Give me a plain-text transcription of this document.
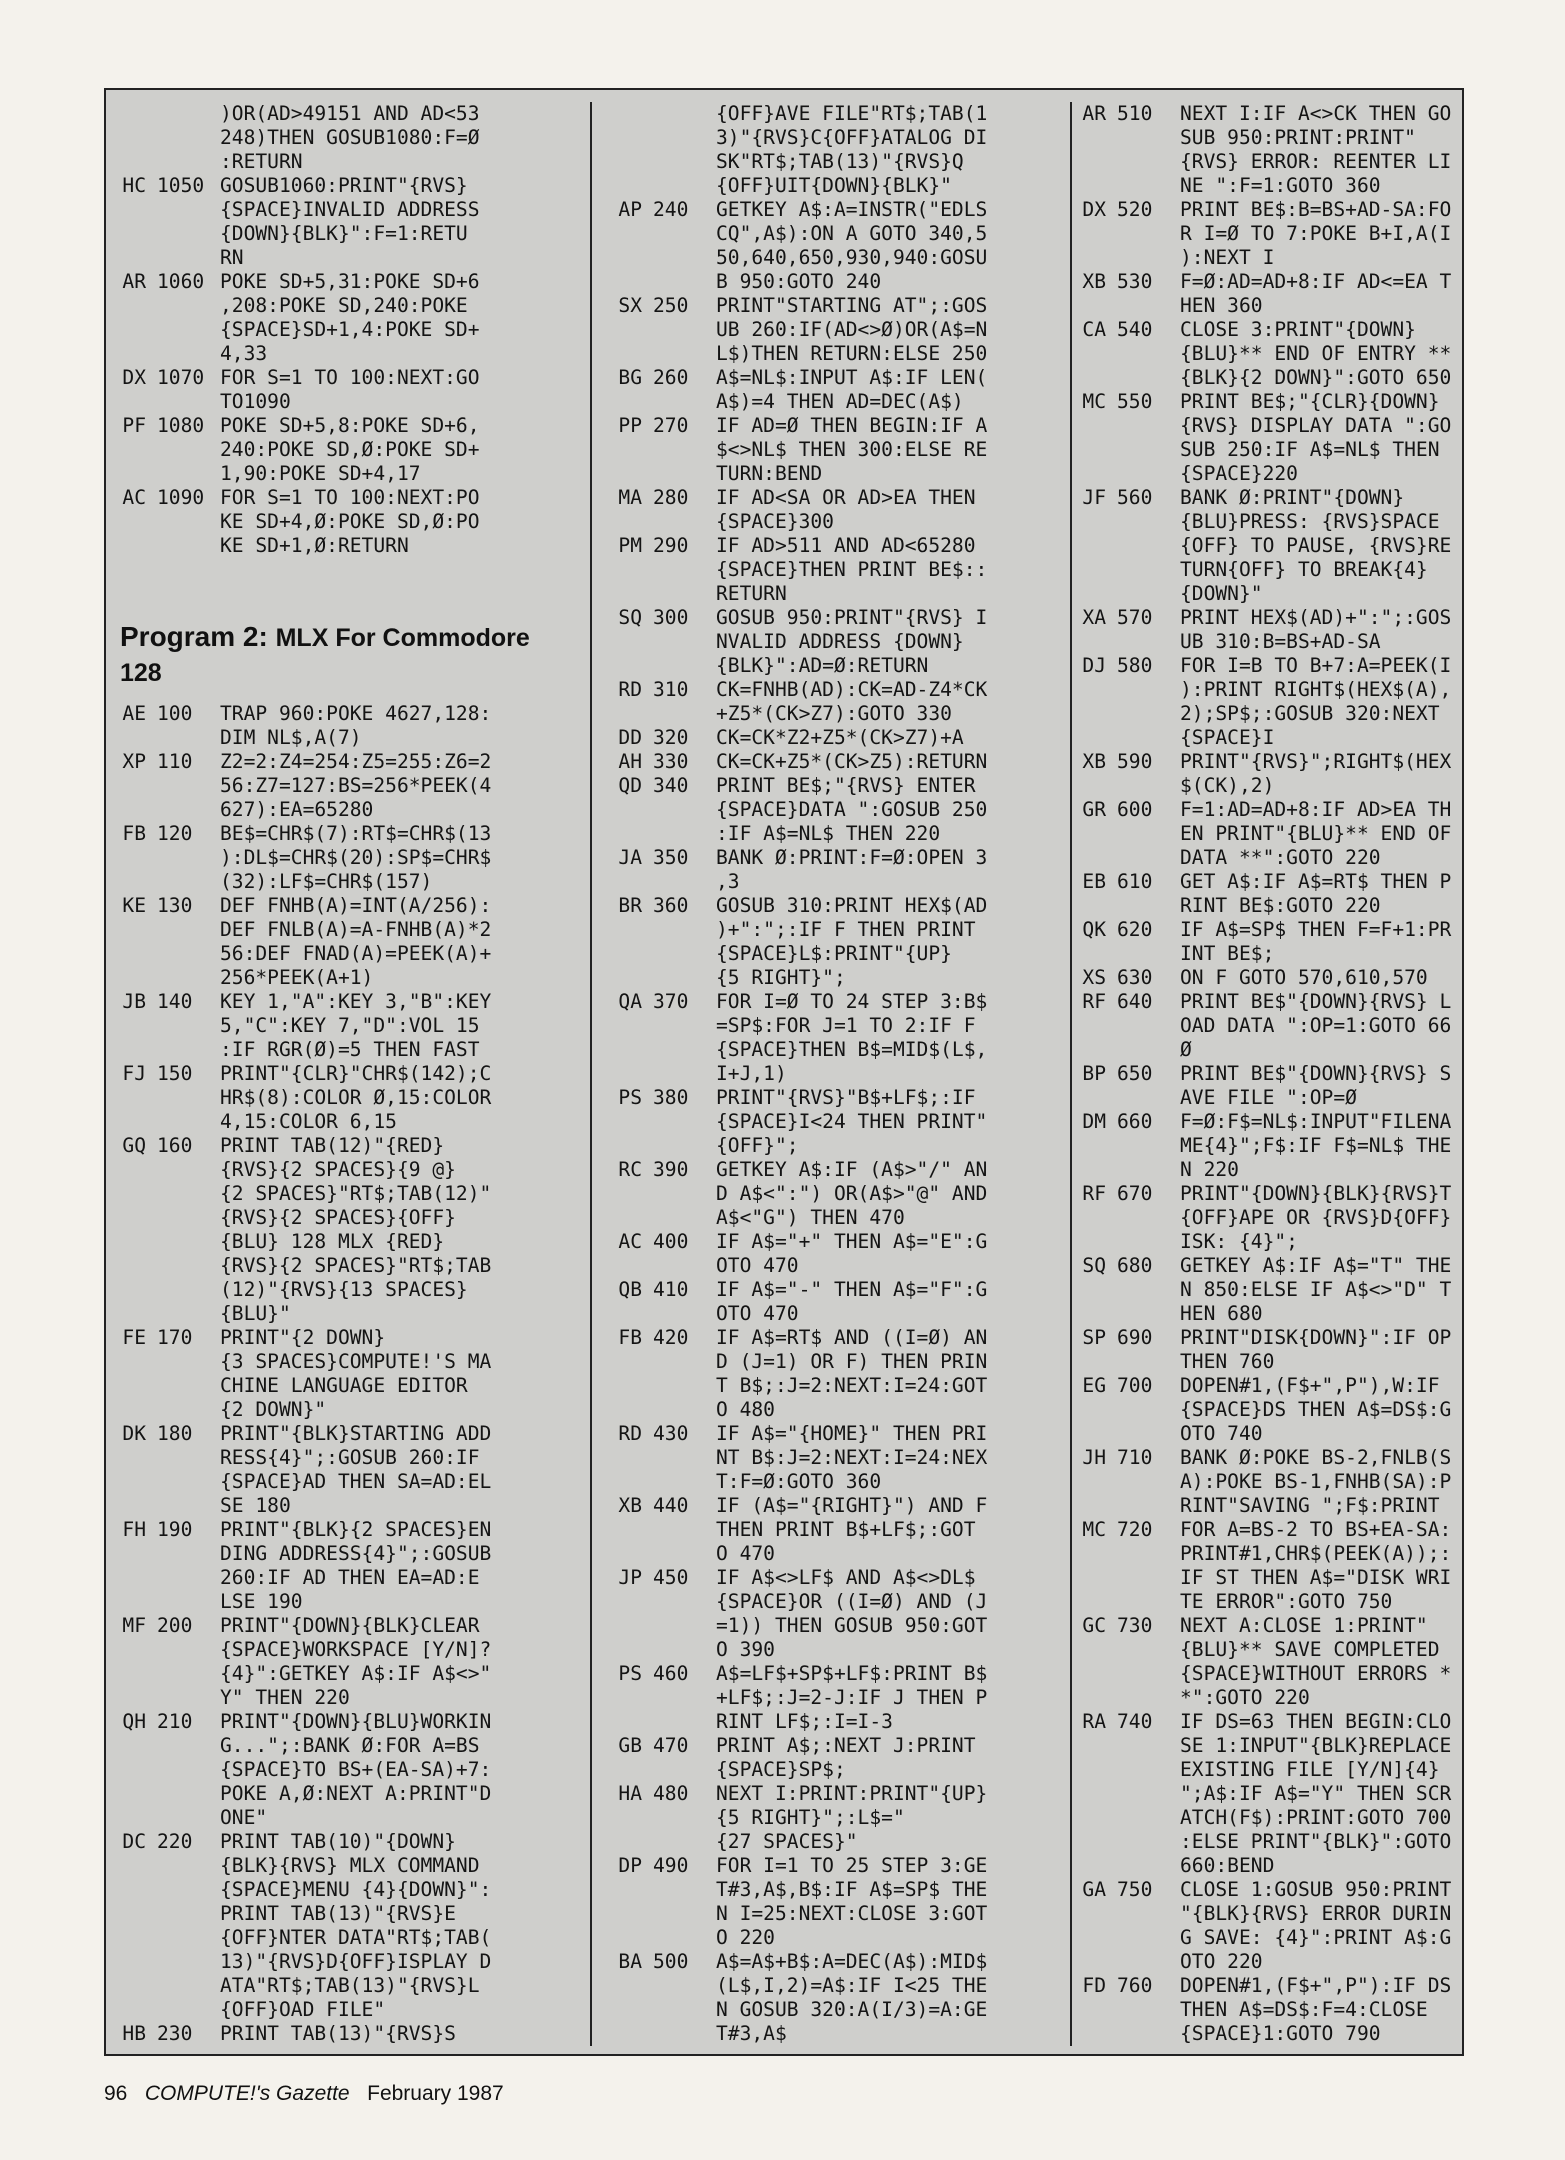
)OR(AD>49151 AND AD<53
248)THEN GOSUB1080:F=Ø
:RETURN
HC 1050 GOSUB1060:PRINT"{RVS}
{SPACE}INVALID ADDRESS
{DOWN}{BLK}":F=1:RETU
RN
AR 1060 POKE SD+5,31:POKE SD+6
,208:POKE SD,240:POKE
{SPACE}SD+1,4:POKE SD+
4,33
DX 1070 FOR S=1 TO 100:NEXT:GO
TO1090
PF 1080 POKE SD+5,8:POKE SD+6,
240:POKE SD,Ø:POKE SD+
1,90:POKE SD+4,17
AC 1090 FOR S=1 TO 100:NEXT:PO
KE SD+4,Ø:POKE SD,Ø:PO
KE SD+1,Ø:RETURN
Program 2: MLX For Commodore 128
AE 100	TRAP 960:POKE 4627,128:
DIM NL$,A(7)
XP 110	Z2=2:Z4=254:Z5=255:Z6=2
56:Z7=127:BS=256*PEEK(4
627):EA=65280
FB 120	BE$=CHR$(7):RT$=CHR$(13
):DL$=CHR$(20):SP$=CHR$
(32):LF$=CHR$(157)
KE 130	DEF FNHB(A)=INT(A/256):
DEF FNLB(A)=A-FNHB(A)*2
56:DEF FNAD(A)=PEEK(A)+
256*PEEK(A+1)
JB 140	KEY 1,"A":KEY 3,"B":KEY
5,"C":KEY 7,"D":VOL 15
:IF RGR(Ø)=5 THEN FAST
FJ 150	PRINT"{CLR}"CHR$(142);C
HR$(8):COLOR Ø,15:COLOR
4,15:COLOR 6,15
GQ 160	PRINT TAB(12)"{RED}
{RVS}{2 SPACES}{9 @}
{2 SPACES}"RT$;TAB(12)"
{RVS}{2 SPACES}{OFF}
{BLU} 128 MLX {RED}
{RVS}{2 SPACES}"RT$;TAB
(12)"{RVS}{13 SPACES}
{BLU}"
FE 170	PRINT"{2 DOWN}
{3 SPACES}COMPUTE!'S MA
CHINE LANGUAGE EDITOR
{2 DOWN}"
DK 180	PRINT"{BLK}STARTING ADD
RESS{4}";:GOSUB 260:IF
{SPACE}AD THEN SA=AD:EL
SE 180
FH 190	PRINT"{BLK}{2 SPACES}EN
DING ADDRESS{4}";:GOSUB
260:IF AD THEN EA=AD:E
LSE 190
MF 200	PRINT"{DOWN}{BLK}CLEAR
{SPACE}WORKSPACE [Y/N]?
{4}":GETKEY A$:IF A$<>"
Y" THEN 220
QH 210	PRINT"{DOWN}{BLU}WORKIN
G...";:BANK Ø:FOR A=BS
{SPACE}TO BS+(EA-SA)+7:
POKE A,Ø:NEXT A:PRINT"D
ONE"
DC 220	PRINT TAB(10)"{DOWN}
{BLK}{RVS} MLX COMMAND
{SPACE}MENU {4}{DOWN}":
PRINT TAB(13)"{RVS}E
{OFF}NTER DATA"RT$;TAB(
13)"{RVS}D{OFF}ISPLAY D
ATA"RT$;TAB(13)"{RVS}L
{OFF}OAD FILE"
HB 230	PRINT TAB(13)"{RVS}S
{OFF}AVE FILE"RT$;TAB(1
3)"{RVS}C{OFF}ATALOG DI
SK"RT$;TAB(13)"{RVS}Q
{OFF}UIT{DOWN}{BLK}"
AP 240	GETKEY A$:A=INSTR("EDLS
CQ",A$):ON A GOTO 340,5
50,640,650,930,940:GOSU
B 950:GOTO 240
SX 250	PRINT"STARTING AT";:GOS
UB 260:IF(AD<>Ø)OR(A$=N
L$)THEN RETURN:ELSE 250
BG 260	A$=NL$:INPUT A$:IF LEN(
A$)=4 THEN AD=DEC(A$)
PP 270	IF AD=Ø THEN BEGIN:IF A
$<>NL$ THEN 300:ELSE RE
TURN:BEND
MA 280	IF AD<SA OR AD>EA THEN
{SPACE}300
PM 290	IF AD>511 AND AD<65280
{SPACE}THEN PRINT BE$::
RETURN
SQ 300	GOSUB 950:PRINT"{RVS} I
NVALID ADDRESS {DOWN}
{BLK}":AD=Ø:RETURN
RD 310	CK=FNHB(AD):CK=AD-Z4*CK
+Z5*(CK>Z7):GOTO 330
DD 320	CK=CK*Z2+Z5*(CK>Z7)+A
AH 330	CK=CK+Z5*(CK>Z5):RETURN
QD 340	PRINT BE$;"{RVS} ENTER
{SPACE}DATA ":GOSUB 250
:IF A$=NL$ THEN 220
JA 350	BANK Ø:PRINT:F=Ø:OPEN 3
,3
BR 360	GOSUB 310:PRINT HEX$(AD
)+":";:IF F THEN PRINT
{SPACE}L$:PRINT"{UP}
{5 RIGHT}";
QA 370	FOR I=Ø TO 24 STEP 3:B$
=SP$:FOR J=1 TO 2:IF F
{SPACE}THEN B$=MID$(L$,
I+J,1)
PS 380	PRINT"{RVS}"B$+LF$;:IF
{SPACE}I<24 THEN PRINT"
{OFF}";
RC 390	GETKEY A$:IF (A$>"/" AN
D A$<":") OR(A$>"@" AND
A$<"G") THEN 470
AC 400	IF A$="+" THEN A$="E":G
OTO 470
QB 410	IF A$="-" THEN A$="F":G
OTO 470
FB 420	IF A$=RT$ AND ((I=Ø) AN
D (J=1) OR F) THEN PRIN
T B$;:J=2:NEXT:I=24:GOT
O 480
RD 430	IF A$="{HOME}" THEN PRI
NT B$:J=2:NEXT:I=24:NEX
T:F=Ø:GOTO 360
XB 440	IF (A$="{RIGHT}") AND F
THEN PRINT B$+LF$;:GOT
O 470
JP 450	IF A$<>LF$ AND A$<>DL$
{SPACE}OR ((I=Ø) AND (J
=1)) THEN GOSUB 950:GOT
O 390
PS 460	A$=LF$+SP$+LF$:PRINT B$
+LF$;:J=2-J:IF J THEN P
RINT LF$;:I=I-3
GB 470	PRINT A$;:NEXT J:PRINT
{SPACE}SP$;
HA 480	NEXT I:PRINT:PRINT"{UP}
{5 RIGHT}";:L$="
{27 SPACES}"
DP 490	FOR I=1 TO 25 STEP 3:GE
T#3,A$,B$:IF A$=SP$ THE
N I=25:NEXT:CLOSE 3:GOT
O 220
BA 500	A$=A$+B$:A=DEC(A$):MID$
(L$,I,2)=A$:IF I<25 THE
N GOSUB 320:A(I/3)=A:GE
T#3,A$
AR 510	NEXT I:IF A<>CK THEN GO
SUB 950:PRINT:PRINT"
{RVS} ERROR: REENTER LI
NE ":F=1:GOTO 360
DX 520	PRINT BE$:B=BS+AD-SA:FO
R I=Ø TO 7:POKE B+I,A(I
):NEXT I
XB 530	F=Ø:AD=AD+8:IF AD<=EA T
HEN 360
CA 540	CLOSE 3:PRINT"{DOWN}
{BLU}** END OF ENTRY **
{BLK}{2 DOWN}":GOTO 650
MC 550	PRINT BE$;"{CLR}{DOWN}
{RVS} DISPLAY DATA ":GO
SUB 250:IF A$=NL$ THEN
{SPACE}220
JF 560	BANK Ø:PRINT"{DOWN}
{BLU}PRESS: {RVS}SPACE
{OFF} TO PAUSE, {RVS}RE
TURN{OFF} TO BREAK{4}
{DOWN}"
XA 570	PRINT HEX$(AD)+":";:GOS
UB 310:B=BS+AD-SA
DJ 580	FOR I=B TO B+7:A=PEEK(I
):PRINT RIGHT$(HEX$(A),
2);SP$;:GOSUB 320:NEXT
{SPACE}I
XB 590	PRINT"{RVS}";RIGHT$(HEX
$(CK),2)
GR 600	F=1:AD=AD+8:IF AD>EA TH
EN PRINT"{BLU}** END OF
DATA **":GOTO 220
EB 610	GET A$:IF A$=RT$ THEN P
RINT BE$:GOTO 220
QK 620	IF A$=SP$ THEN F=F+1:PR
INT BE$;
XS 630	ON F GOTO 570,610,570
RF 640	PRINT BE$"{DOWN}{RVS} L
OAD DATA ":OP=1:GOTO 66
Ø
BP 650	PRINT BE$"{DOWN}{RVS} S
AVE FILE ":OP=Ø
DM 660	F=Ø:F$=NL$:INPUT"FILENA
ME{4}";F$:IF F$=NL$ THE
N 220
RF 670	PRINT"{DOWN}{BLK}{RVS}T
{OFF}APE OR {RVS}D{OFF}
ISK: {4}";
SQ 680	GETKEY A$:IF A$="T" THE
N 850:ELSE IF A$<>"D" T
HEN 680
SP 690	PRINT"DISK{DOWN}":IF OP
THEN 760
EG 700	DOPEN#1,(F$+",P"),W:IF
{SPACE}DS THEN A$=DS$:G
OTO 740
JH 710	BANK Ø:POKE BS-2,FNLB(S
A):POKE BS-1,FNHB(SA):P
RINT"SAVING ";F$:PRINT
MC 720	FOR A=BS-2 TO BS+EA-SA:
PRINT#1,CHR$(PEEK(A));:
IF ST THEN A$="DISK WRI
TE ERROR":GOTO 750
GC 730	NEXT A:CLOSE 1:PRINT"
{BLU}** SAVE COMPLETED
{SPACE}WITHOUT ERRORS *
*":GOTO 220
RA 740	IF DS=63 THEN BEGIN:CLO
SE 1:INPUT"{BLK}REPLACE
EXISTING FILE [Y/N]{4}
";A$:IF A$="Y" THEN SCR
ATCH(F$):PRINT:GOTO 700
:ELSE PRINT"{BLK}":GOTO
660:BEND
GA 750	CLOSE 1:GOSUB 950:PRINT
"{BLK}{RVS} ERROR DURIN
G SAVE: {4}":PRINT A$:G
OTO 220
FD 760	DOPEN#1,(F$+",P"):IF DS
THEN A$=DS$:F=4:CLOSE
{SPACE}1:GOTO 790
96 COMPUTE!'s Gazette February 1987
